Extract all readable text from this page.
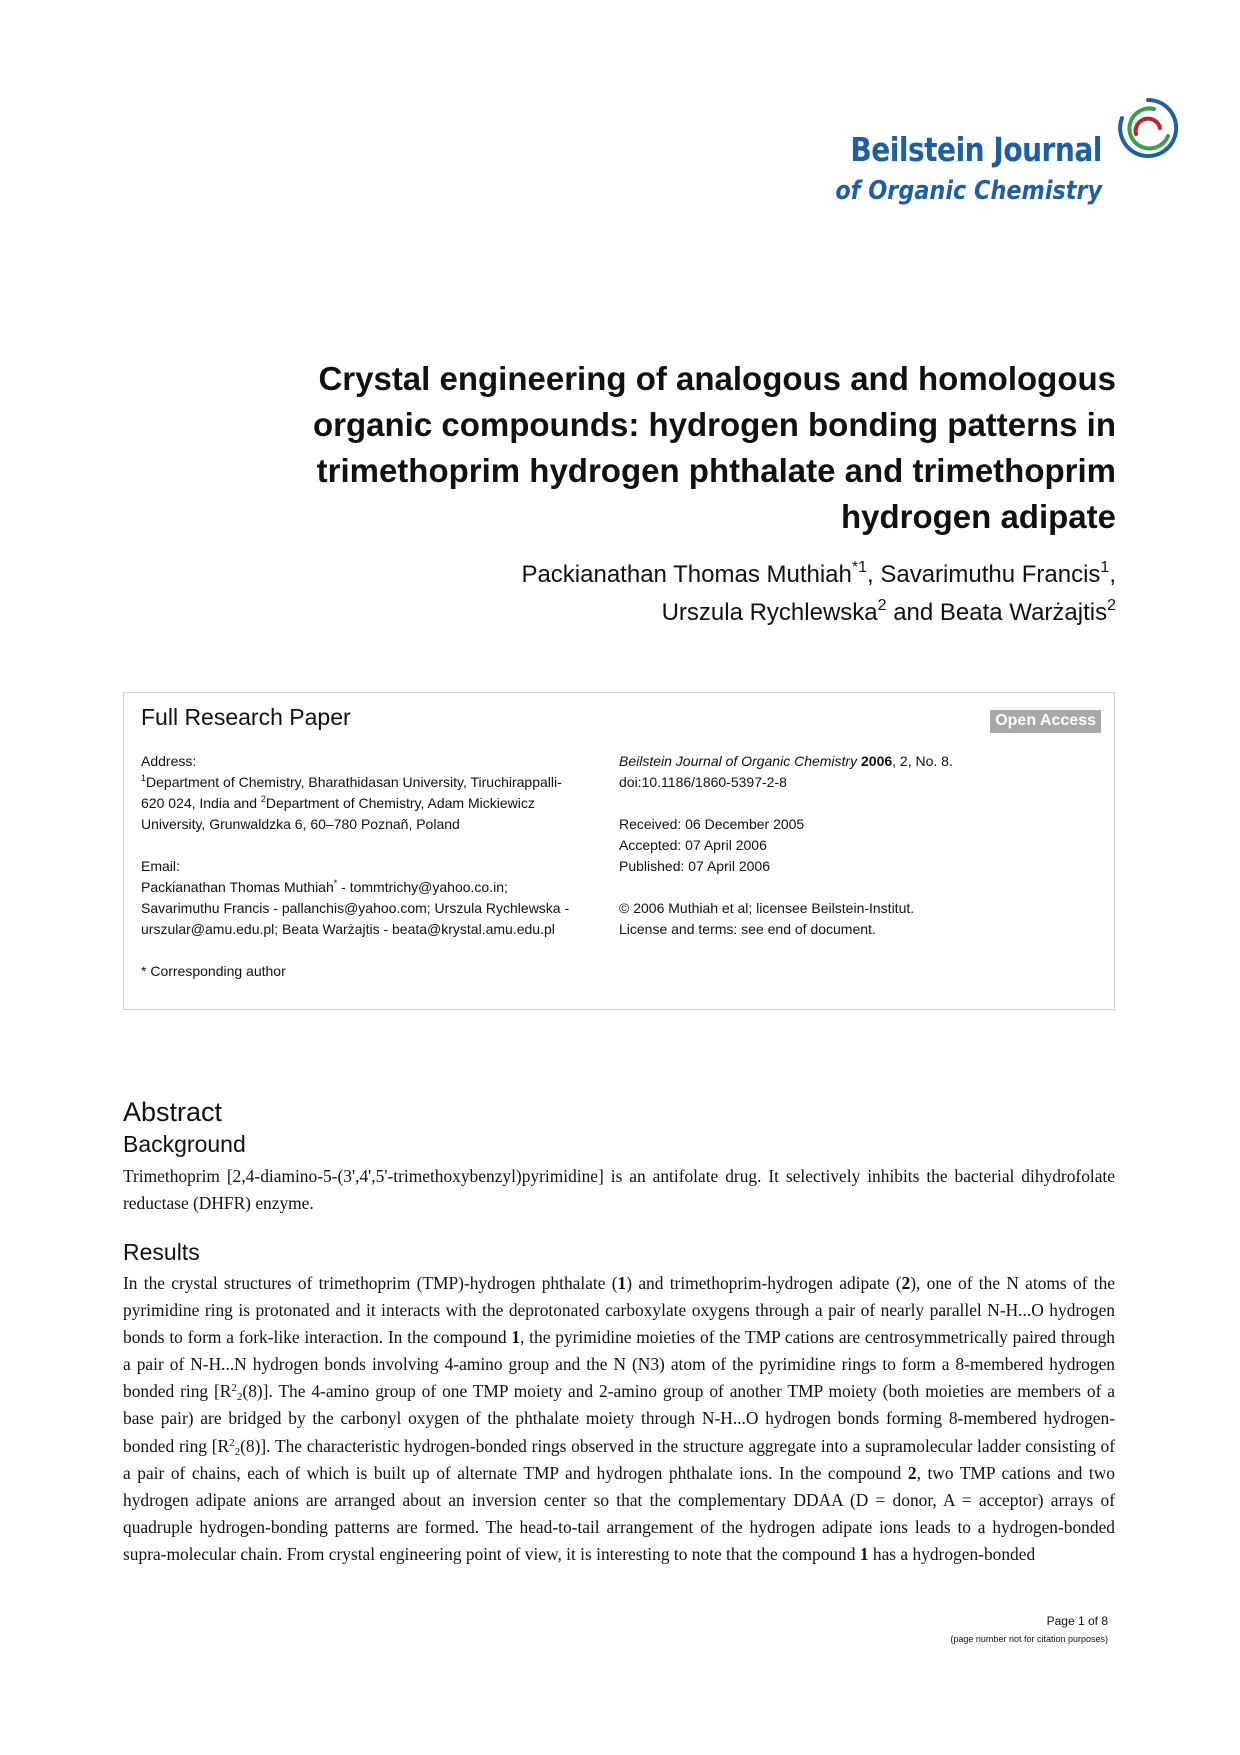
Beilstein Journal
of Organic Chemistry
Crystal engineering of analogous and homologous
organic compounds: hydrogen bonding patterns in
trimethoprim hydrogen phthalate and trimethoprim
hydrogen adipate
Packianathan Thomas Muthiah$^{*1}$, Savarimuthu Francis$^1$,
Urszula Rychlewska$^2$ and Beata Warżajtis$^2$
Full Research Paper	Open Access

Address:

$^1$Department of Chemistry, Bharathidasan University, Tiruchirappalli-

620 024, India and $^2$Department of Chemistry, Adam Mickiewicz

University, Grunwaldzka 6, 60–780 Poznañ, Poland

Email:

Packianathan Thomas Muthiah* - tommtrichy@yahoo.co.in;

Savarimuthu Francis - pallanchis@yahoo.com; Urszula Rychlewska -

urszular@amu.edu.pl; Beata Warżajtis - beata@krystal.amu.edu.pl

* Corresponding author

Beilstein Journal of Organic Chemistry 2006, 2, No. 8.

doi:10.1186/1860-5397-2-8

Received: 06 December 2005

Accepted: 07 April 2006

Published: 07 April 2006

© 2006 Muthiah et al; licensee Beilstein-Institut.

License and terms: see end of document.

Abstract
Background

Trimethoprim [2,4-diamino-5-(3',4',5'-trimethoxybenzyl)pyrimidine] is an antifolate drug. It selectively inhibits the bacterial dihydrofolate reductase (DHFR) enzyme.

Results

In the crystal structures of trimethoprim (TMP)-hydrogen phthalate (1) and trimethoprim-hydrogen adipate (2), one of the N atoms of the pyrimidine ring is protonated and it interacts with the deprotonated carboxylate oxygens through a pair of nearly parallel N-H...O hydrogen bonds to form a fork-like interaction. In the compound 1, the pyrimidine moieties of the TMP cations are centrosymmetrically paired through a pair of N-H...N hydrogen bonds involving 4-amino group and the N (N3) atom of the pyrimidine rings to form a 8-membered hydrogen bonded ring $[R^2_2(8)]$. The 4-amino group of one TMP moiety and 2-amino group of another TMP moiety (both moieties are members of a base pair) are bridged by the carbonyl oxygen of the phthalate moiety through N-H...O hydrogen bonds forming 8-membered hydrogen-bonded ring $[R^2_2(8)]$. The characteristic hydrogen-bonded rings observed in the structure aggregate into a supramolecular ladder consisting of a pair of chains, each of which is built up of alternate TMP and hydrogen phthalate ions. In the compound 2, two TMP cations and two hydrogen adipate anions are arranged about an inversion center so that the complementary DDAA (D = donor, A = acceptor) arrays of quadruple hydrogen-bonding patterns are formed. The head-to-tail arrangement of the hydrogen adipate ions leads to a hydrogen-bonded supra-molecular chain. From crystal engineering point of view, it is interesting to note that the compound 1 has a hydrogen-bonded

Page 1 of 8
(page number not for citation purposes)
